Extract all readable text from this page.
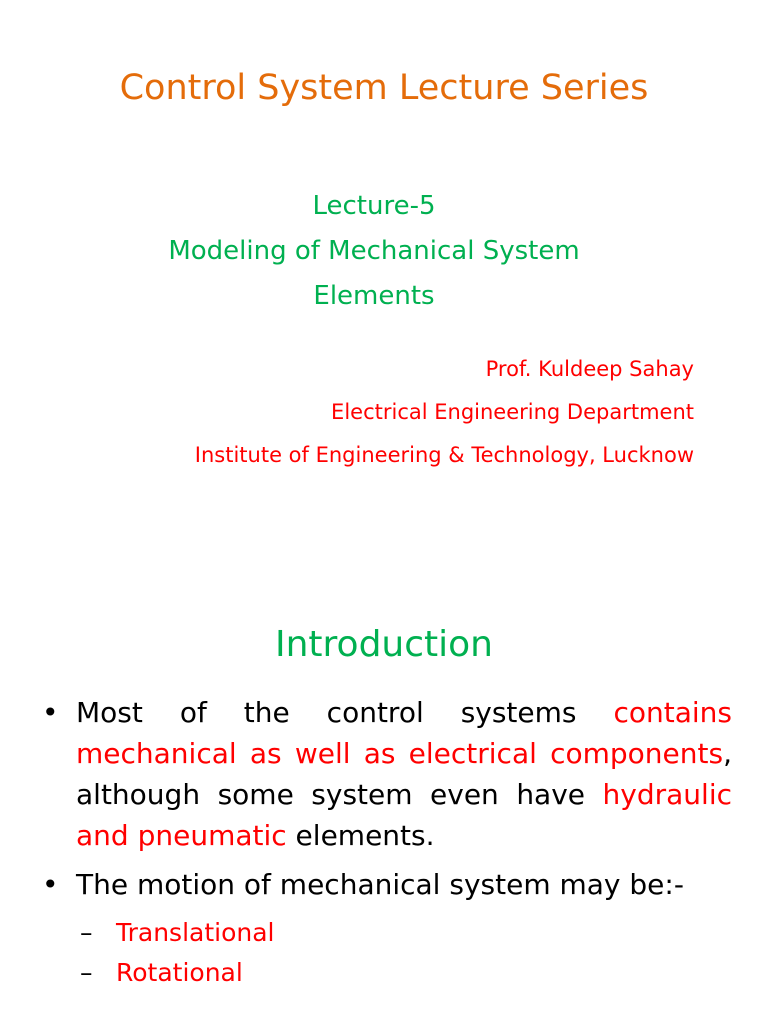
Control System Lecture Series
Lecture-5
Modeling of Mechanical System
Elements
Prof. Kuldeep Sahay
Electrical Engineering Department
Institute of Engineering & Technology, Lucknow
Introduction
• Most of the control systems contains mechanical as well as electrical components, although some system even have hydraulic and pneumatic elements.
• The motion of mechanical system may be:-
– Translational
– Rotational
